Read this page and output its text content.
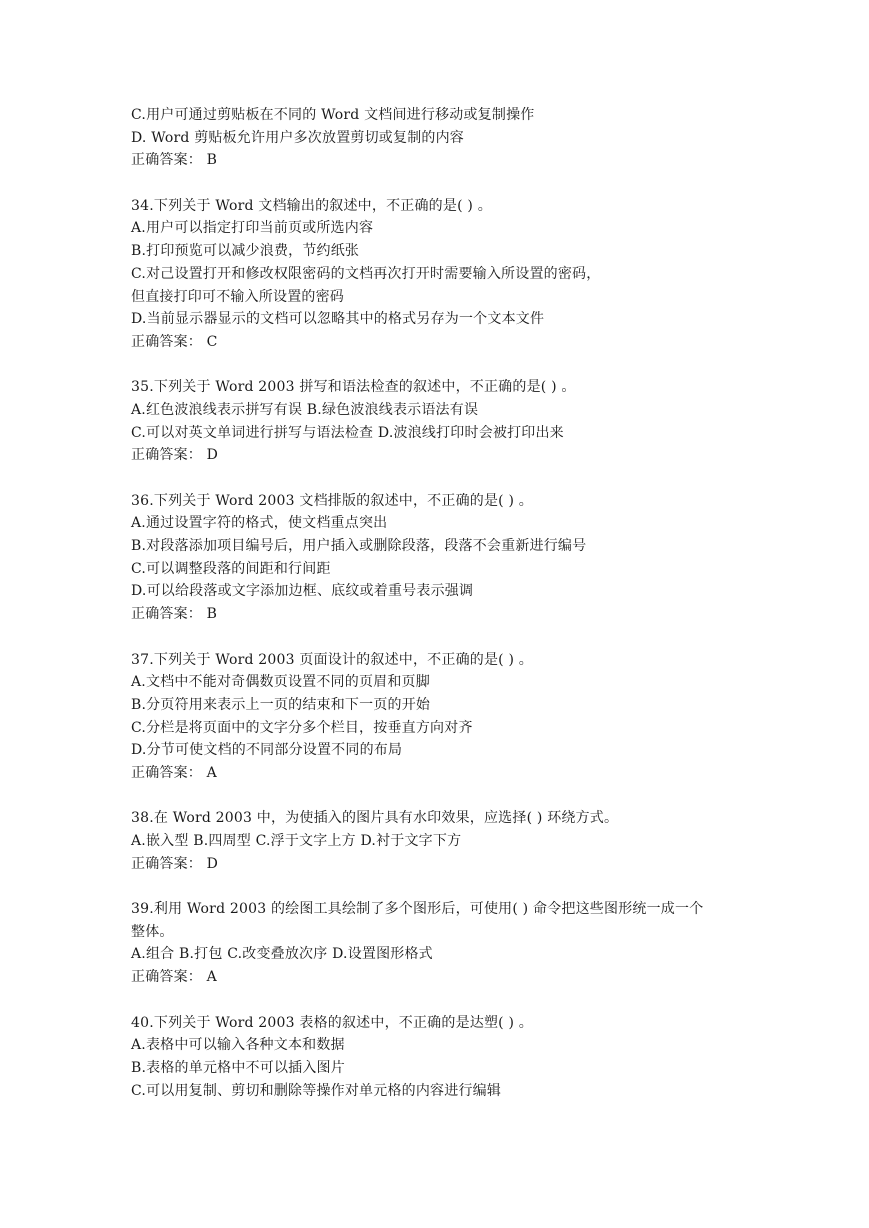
C.用户可通过剪贴板在不同的 Word 文档间进行移动或复制操作
D. Word 剪贴板允许用户多次放置剪切或复制的内容
正确答案： B
34.下列关于 Word 文档输出的叙述中，不正确的是( ) 。
A.用户可以指定打印当前页或所选内容
B.打印预览可以减少浪费，节约纸张
C.对己设置打开和修改权限密码的文档再次打开时需要输入所设置的密码，
但直接打印可不输入所设置的密码
D.当前显示器显示的文档可以忽略其中的格式另存为一个文本文件
正确答案： C
35.下列关于 Word 2003 拼写和语法检查的叙述中，不正确的是( ) 。
A.红色波浪线表示拼写有误 B.绿色波浪线表示语法有误
C.可以对英文单词进行拼写与语法检查 D.波浪线打印时会被打印出来
正确答案： D
36.下列关于 Word 2003 文档排版的叙述中，不正确的是( ) 。
A.通过设置字符的格式，使文档重点突出
B.对段落添加项目编号后，用户插入或删除段落，段落不会重新进行编号
C.可以调整段落的间距和行间距
D.可以给段落或文字添加边框、底纹或着重号表示强调
正确答案： B
37.下列关于 Word 2003 页面设计的叙述中，不正确的是( ) 。
A.文档中不能对奇偶数页设置不同的页眉和页脚
B.分页符用来表示上一页的结束和下一页的开始
C.分栏是将页面中的文字分多个栏目，按垂直方向对齐
D.分节可使文档的不同部分设置不同的布局
正确答案： A
38.在 Word 2003 中，为使插入的图片具有水印效果，应选择( ) 环绕方式。
A.嵌入型 B.四周型 C.浮于文字上方 D.衬于文字下方
正确答案： D
39.利用 Word 2003 的绘图工具绘制了多个图形后，可使用( ) 命令把这些图形统一成一个
整体。
A.组合 B.打包 C.改变叠放次序 D.设置图形格式
正确答案： A
40.下列关于 Word 2003 表格的叙述中，不正确的是达塑( ) 。
A.表格中可以输入各种文本和数据
B.表格的单元格中不可以插入图片
C.可以用复制、剪切和删除等操作对单元格的内容进行编辑
